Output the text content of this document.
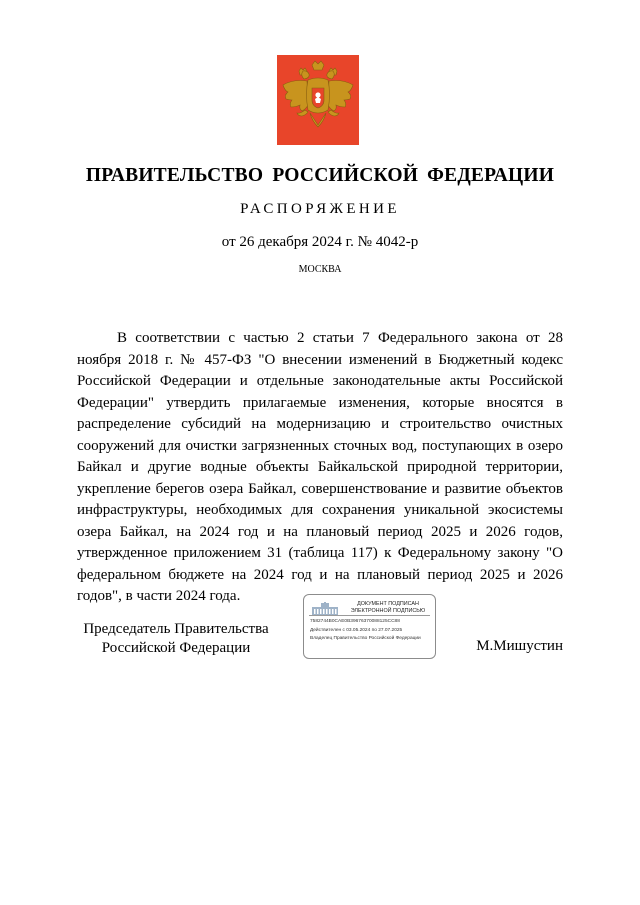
ПРАВИТЕЛЬСТВО РОССИЙСКОЙ ФЕДЕРАЦИИ
РАСПОРЯЖЕНИЕ
от 26 декабря 2024 г. № 4042-р
МОСКВА

В соответствии с частью 2 статьи 7 Федерального закона от 28 ноября 2018 г. № 457-ФЗ "О внесении изменений в Бюджетный кодекс Российской Федерации и отдельные законодательные акты Российской Федерации" утвердить прилагаемые изменения, которые вносятся в распределение субсидий на модернизацию и строительство очистных сооружений для очистки загрязненных сточных вод, поступающих в озеро Байкал и другие водные объекты Байкальской природной территории, укрепление берегов озера Байкал, совершенствование и развитие объектов инфраструктуры, необходимых для сохранения уникальной экосистемы озера Байкал, на 2024 год и на плановый период 2025 и 2026 годов, утвержденное приложением 31 (таблица 117) к Федеральному закону "О федеральном бюджете на 2024 год и на плановый период 2025 и 2026 годов", в части 2024 года.

Председатель Правительства
Российской Федерации
ДОКУМЕНТ ПОДПИСАН
ЭЛЕКТРОННОЙ ПОДПИСЬЮ
7582744B0CAE0B39676370088125CC88
Действителен с 03.05.2024 по 27.07.2025
Владелец Правительство Российской Федерации	М.Мишустин
